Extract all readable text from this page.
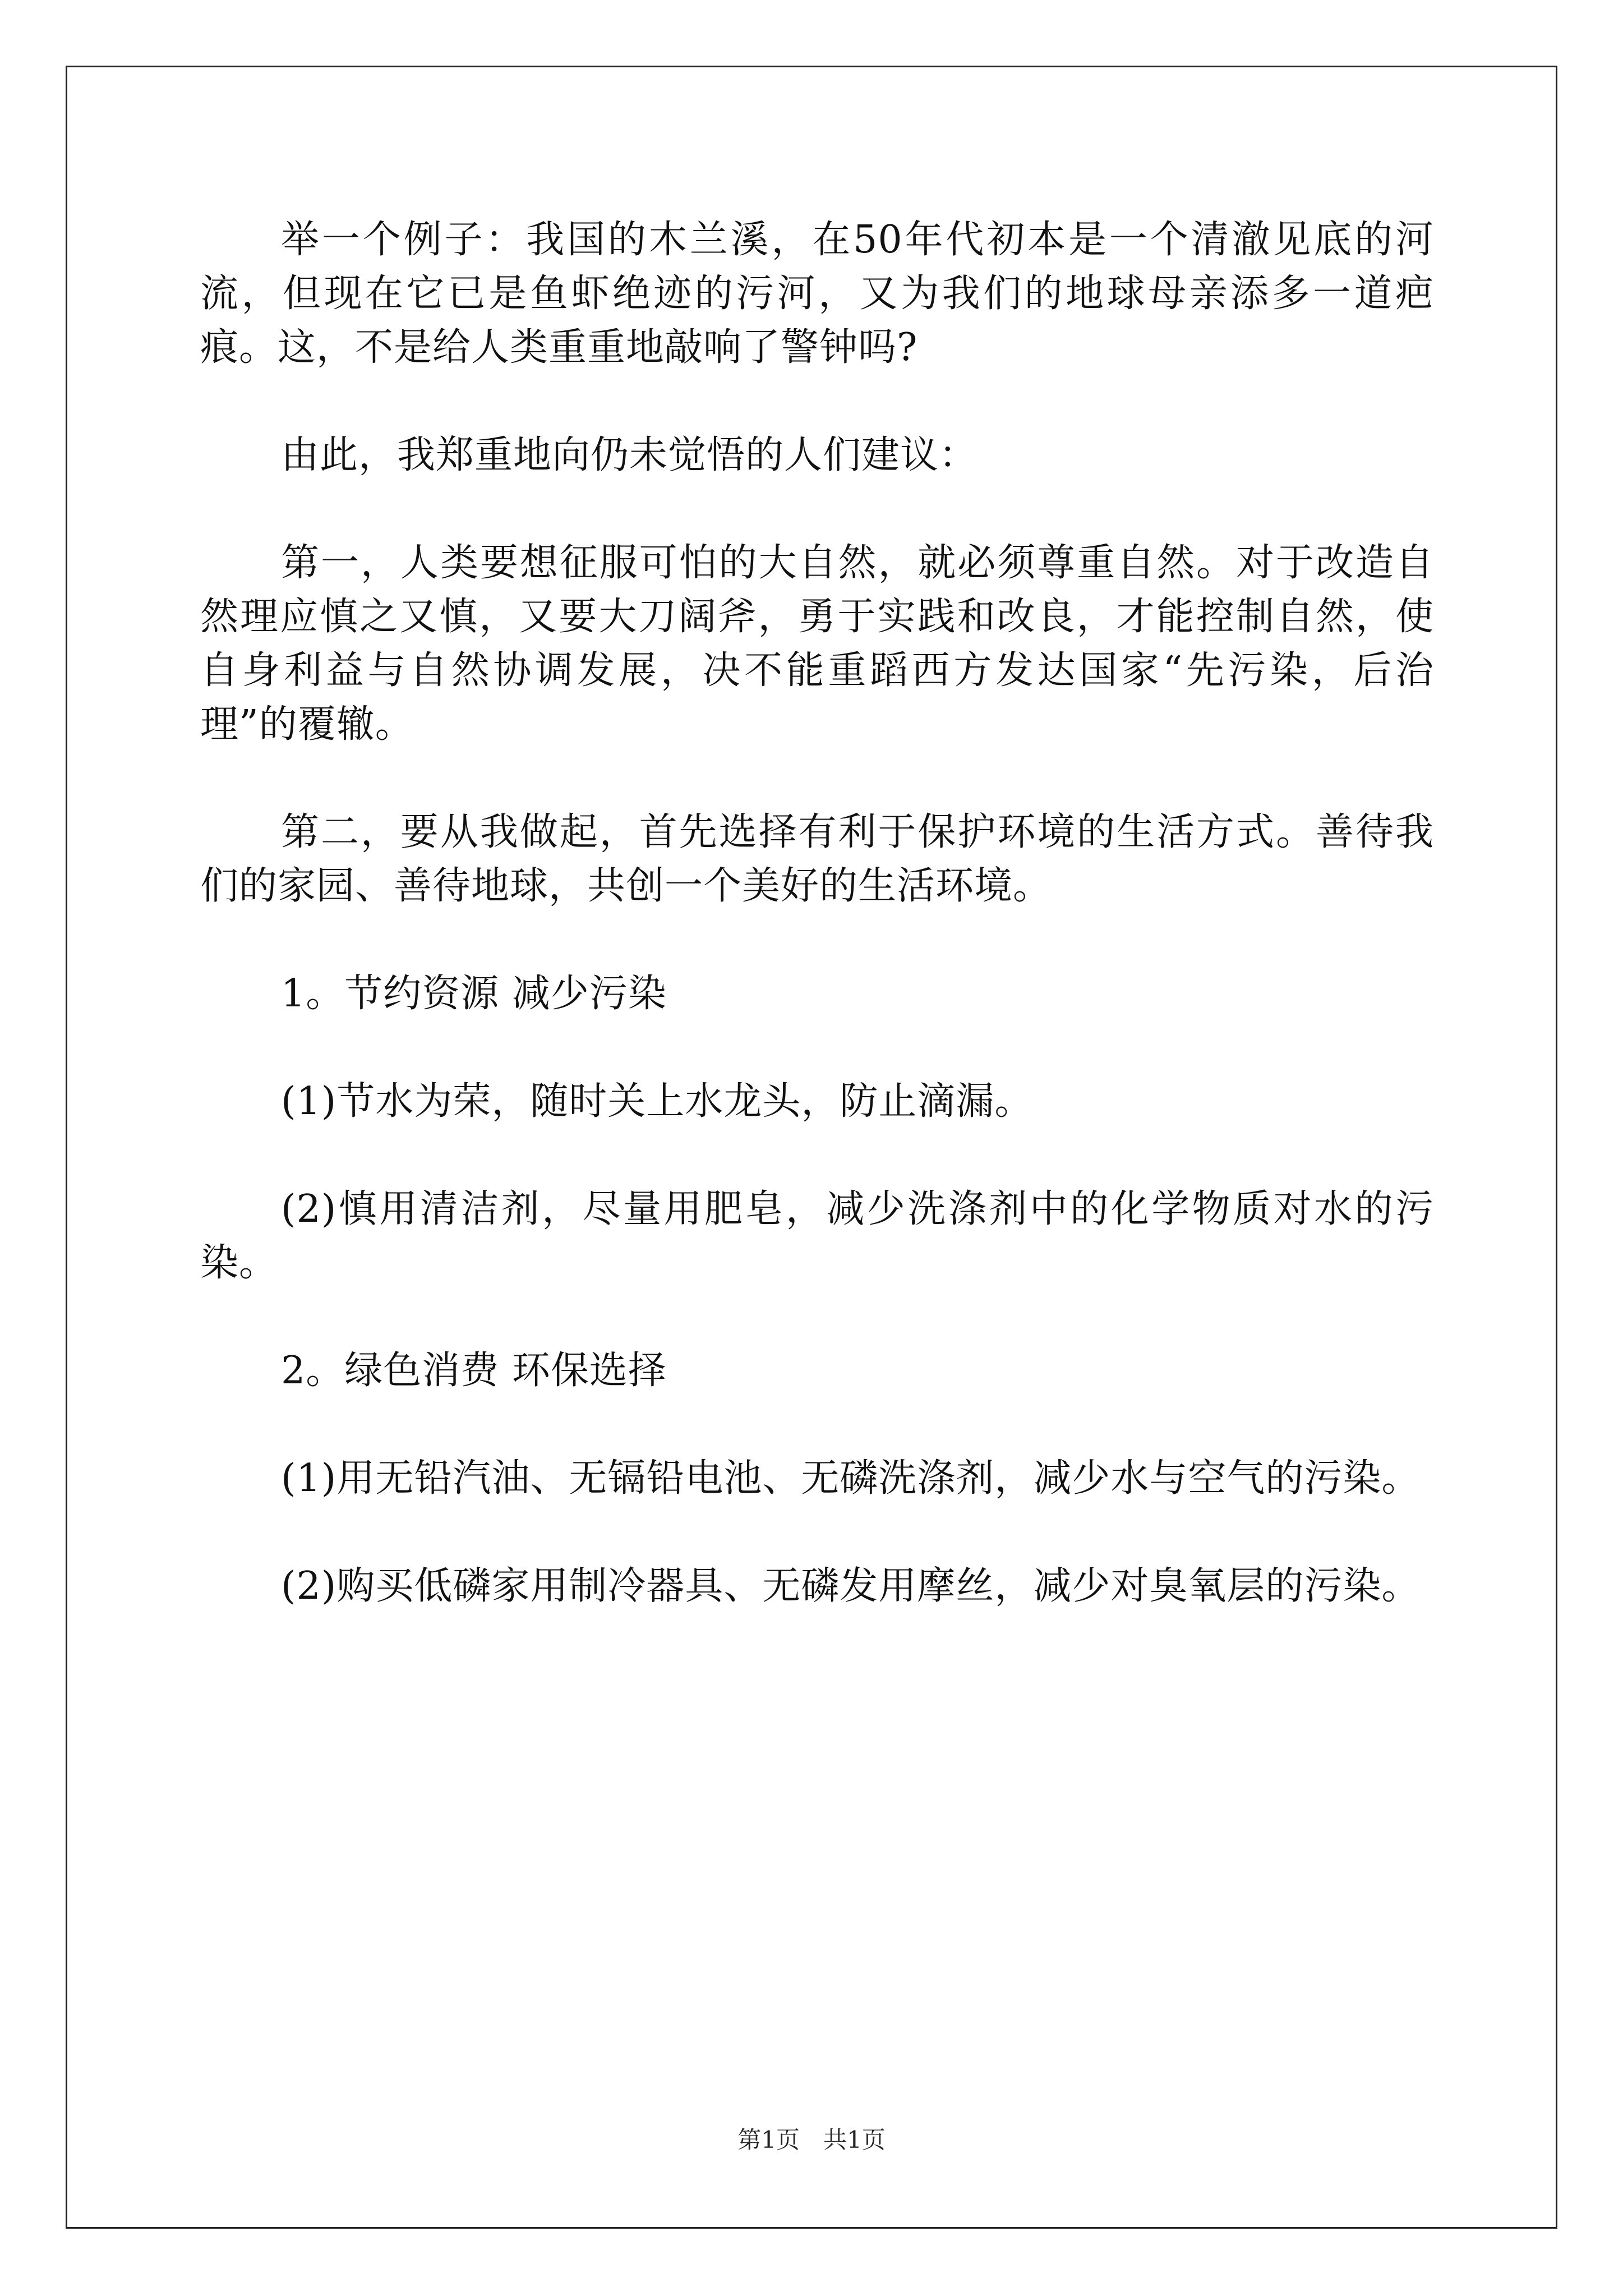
举一个例子：我国的木兰溪，在50年代初本是一个清澈见底的河流，但现在它已是鱼虾绝迹的污河，又为我们的地球母亲添多一道疤痕。这，不是给人类重重地敲响了警钟吗?

由此，我郑重地向仍未觉悟的人们建议：

第一，人类要想征服可怕的大自然，就必须尊重自然。对于改造自然理应慎之又慎，又要大刀阔斧，勇于实践和改良，才能控制自然，使自身利益与自然协调发展，决不能重蹈西方发达国家“先污染，后治理”的覆辙。

第二，要从我做起，首先选择有利于保护环境的生活方式。善待我们的家园、善待地球，共创一个美好的生活环境。

1。节约资源 减少污染

(1)节水为荣，随时关上水龙头，防止滴漏。

(2)慎用清洁剂，尽量用肥皂，减少洗涤剂中的化学物质对水的污染。

2。绿色消费 环保选择

(1)用无铅汽油、无镉铅电池、无磷洗涤剂，减少水与空气的污染。

(2)购买低磷家用制冷器具、无磷发用摩丝，减少对臭氧层的污染。

第1页　共1页
